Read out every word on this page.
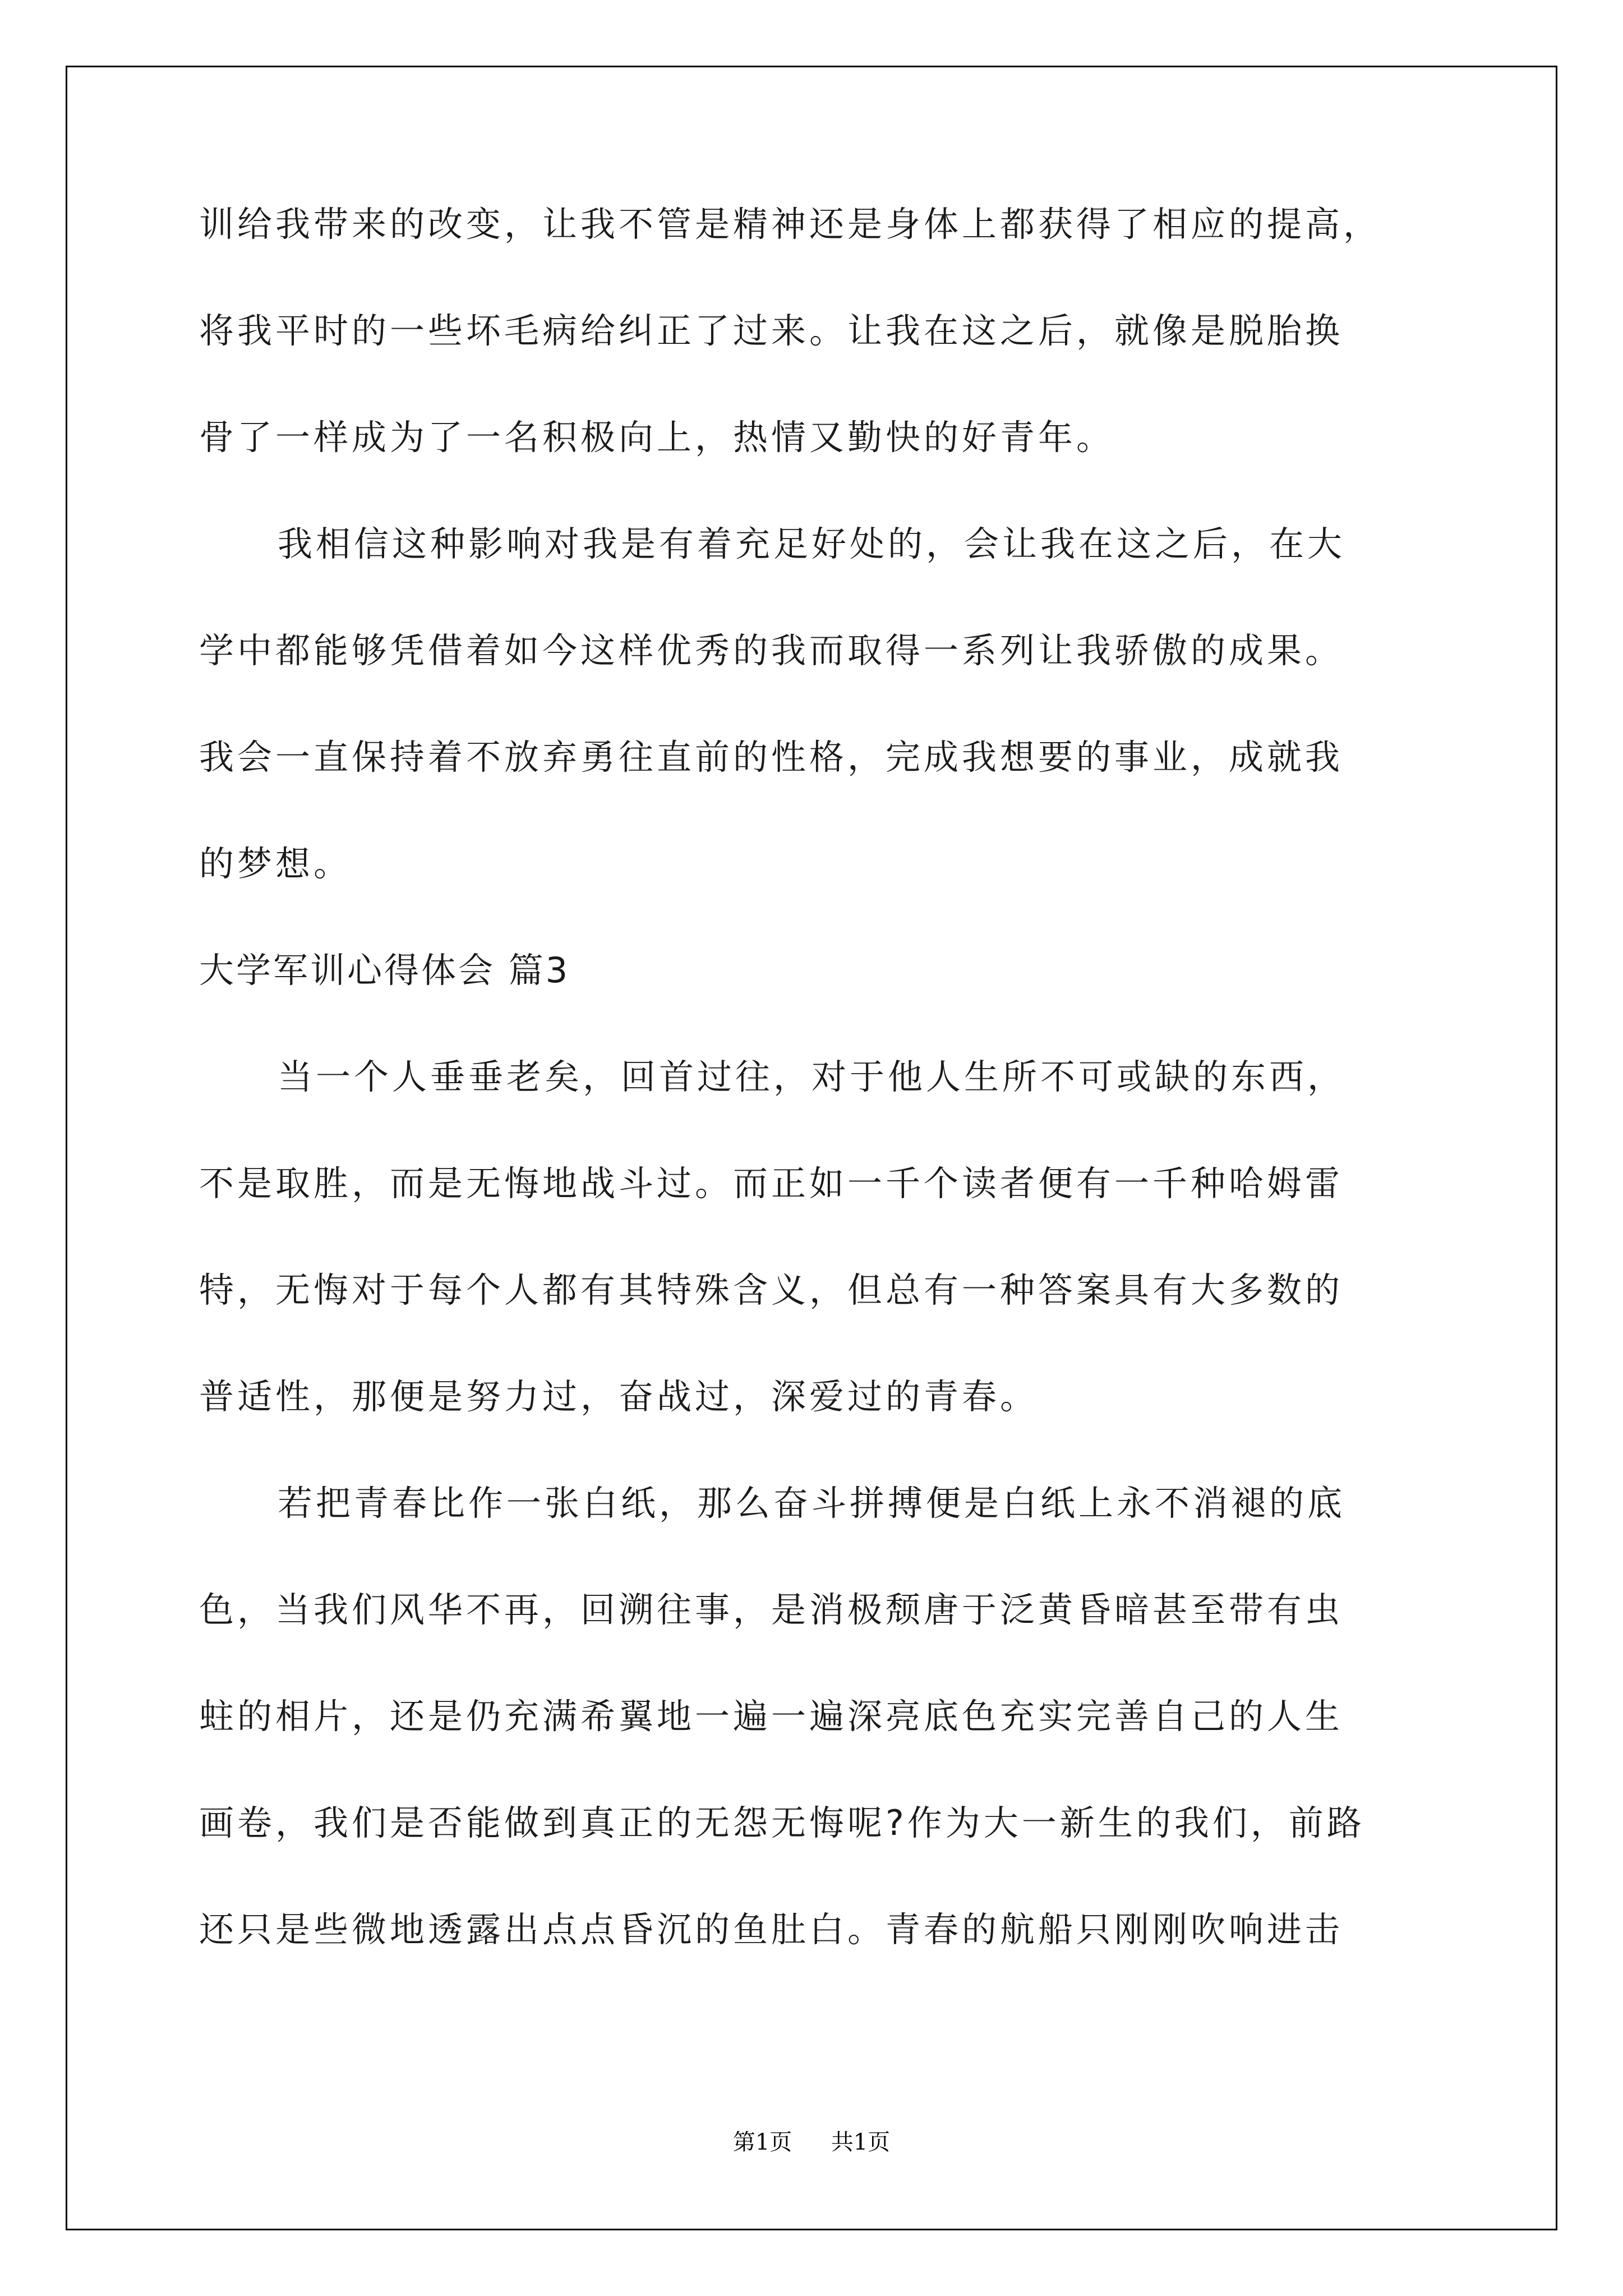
训给我带来的改变，让我不管是精神还是身体上都获得了相应的提高，

将我平时的一些坏毛病给纠正了过来。让我在这之后，就像是脱胎换

骨了一样成为了一名积极向上，热情又勤快的好青年。

我相信这种影响对我是有着充足好处的，会让我在这之后，在大

学中都能够凭借着如今这样优秀的我而取得一系列让我骄傲的成果。

我会一直保持着不放弃勇往直前的性格，完成我想要的事业，成就我

的梦想。

大学军训心得体会 篇3

当一个人垂垂老矣，回首过往，对于他人生所不可或缺的东西，

不是取胜，而是无悔地战斗过。而正如一千个读者便有一千种哈姆雷

特，无悔对于每个人都有其特殊含义，但总有一种答案具有大多数的

普适性，那便是努力过，奋战过，深爱过的青春。

若把青春比作一张白纸，那么奋斗拼搏便是白纸上永不消褪的底

色，当我们风华不再，回溯往事，是消极颓唐于泛黄昏暗甚至带有虫

蛀的相片，还是仍充满希翼地一遍一遍深亮底色充实完善自己的人生

画卷，我们是否能做到真正的无怨无悔呢?作为大一新生的我们，前路

还只是些微地透露出点点昏沉的鱼肚白。青春的航船只刚刚吹响进击

第1页 共1页
